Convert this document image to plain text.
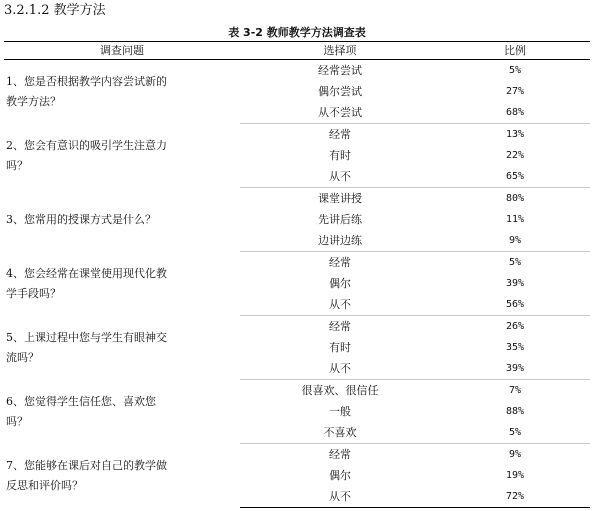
3.2.1.2 教学方法
表 3-2 教师教学方法调查表
调查问题	选择项	比例
1、您是否根据教学内容尝试新的教学方法？	经常尝试	5%
	偶尔尝试	27%
	从不尝试	68%
2、您会有意识的吸引学生注意力吗？	经常	13%
	有时	22%
	从不	65%
3、您常用的授课方式是什么？	课堂讲授	80%
	先讲后练	11%
	边讲边练	9%
4、您会经常在课堂使用现代化教学手段吗？	经常	5%
	偶尔	39%
	从不	56%
5、上课过程中您与学生有眼神交流吗？	经常	26%
	有时	35%
	从不	39%
6、您觉得学生信任您、喜欢您吗？	很喜欢、很信任	7%
	一般	88%
	不喜欢	5%
7、您能够在课后对自己的教学做反思和评价吗？	经常	9%
	偶尔	19%
	从不	72%
